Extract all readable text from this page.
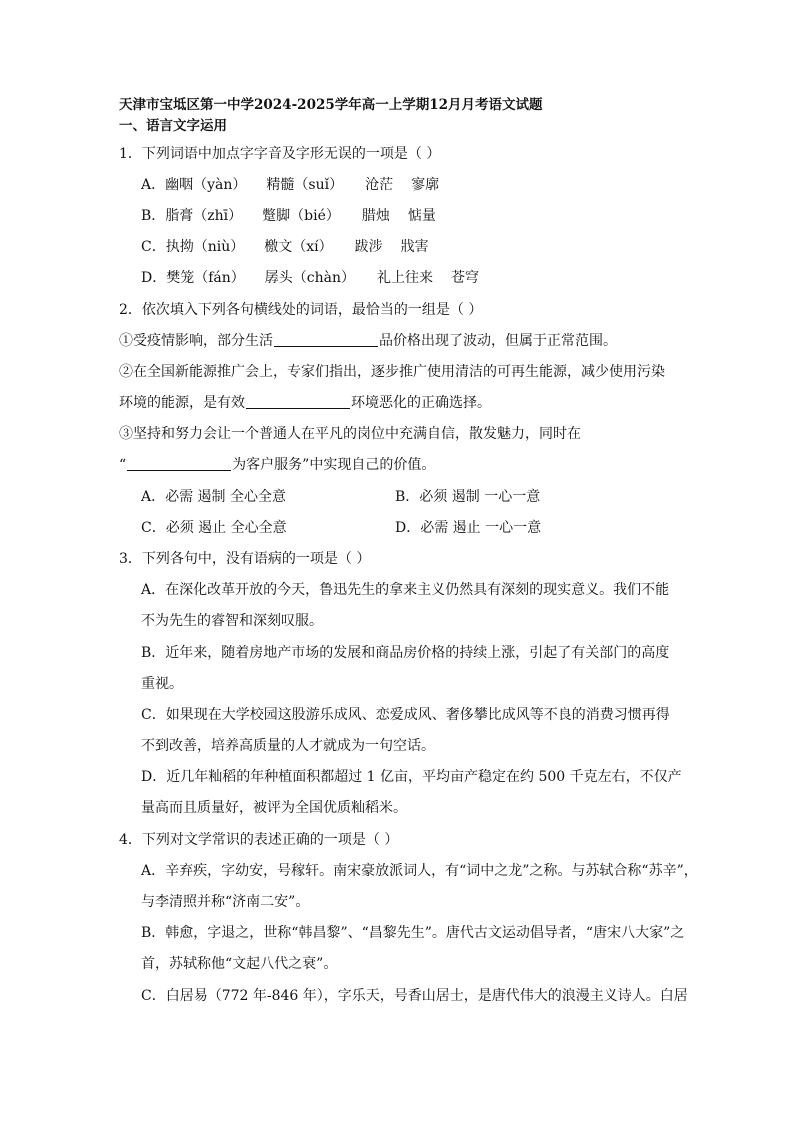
天津市宝坻区第一中学2024-2025学年高一上学期12月月考语文试题
一、语言文字运用
1．下列词语中加点字字音及字形无误的一项是（ ）
A．幽咽（yàn） 精髓（suǐ） 沧茫 寥廓
B．脂膏（zhī） 蹩脚（bié） 腊烛 惦量
C．执拗（niù） 檄文（xí） 跋涉 戕害
D．樊笼（fán） 孱头（chàn） 礼上往来 苍穹
2．依次填入下列各句横线处的词语，最恰当的一组是（ ）
①受疫情影响，部分生活	品价格出现了波动，但属于正常范围。
②在全国新能源推广会上，专家们指出，逐步推广使用清洁的可再生能源，减少使用污染
环境的能源，是有效	环境恶化的正确选择。
③坚持和努力会让一个普通人在平凡的岗位中充满自信，散发魅力，同时在
“	为客户服务”中实现自己的价值。
A．必需 遏制 全心全意	B．必须 遏制 一心一意
C．必须 遏止 全心全意	D．必需 遏止 一心一意
3．下列各句中，没有语病的一项是（ ）
A．在深化改革开放的今天，鲁迅先生的拿来主义仍然具有深刻的现实意义。我们不能
不为先生的睿智和深刻叹服。
B．近年来，随着房地产市场的发展和商品房价格的持续上涨，引起了有关部门的高度
重视。
C．如果现在大学校园这股游乐成风、恋爱成风、奢侈攀比成风等不良的消费习惯再得
不到改善，培养高质量的人才就成为一句空话。
D．近几年籼稻的年种植面积都超过 1 亿亩，平均亩产稳定在约 500 千克左右，不仅产
量高而且质量好，被评为全国优质籼稻米。
4．下列对文学常识的表述正确的一项是（ ）
A．辛弃疾，字幼安，号稼轩。南宋豪放派词人，有“词中之龙”之称。与苏轼合称“苏辛”，
与李清照并称“济南二安”。
B．韩愈，字退之，世称“韩昌黎”、“昌黎先生”。唐代古文运动倡导者，“唐宋八大家”之
首，苏轼称他“文起八代之衰”。
C．白居易（772 年-846 年），字乐天，号香山居士，是唐代伟大的浪漫主义诗人。白居
